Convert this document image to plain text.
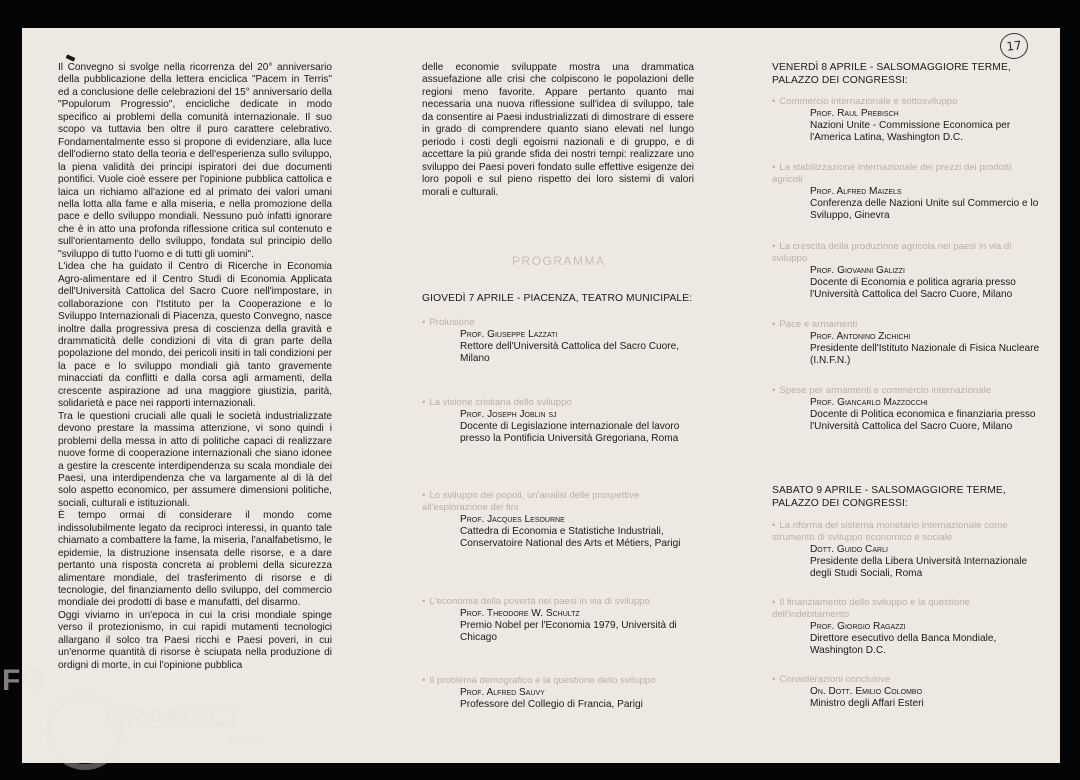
17

Il Convegno si svolge nella ricorrenza del 20° anniversario della pubblicazione della lettera enciclica "Pacem in Terris" ed a conclusione delle celebrazioni del 15° anniversario della "Populorum Progressio", encicliche dedicate in modo specifico ai problemi della comunità internazionale. Il suo scopo va tuttavia ben oltre il puro carattere celebrativo. Fondamentalmente esso si propone di evidenziare, alla luce dell'odierno stato della teoria e dell'esperienza sullo sviluppo, la piena validità dei principi ispiratori dei due documenti pontifici. Vuole cioè essere per l'opinione pubblica cattolica e laica un richiamo all'azione ed al primato dei valori umani nella lotta alla fame e alla miseria, e nella promozione della pace e dello sviluppo mondiali. Nessuno può infatti ignorare che è in atto una profonda riflessione critica sul contenuto e sull'orientamento dello sviluppo, fondata sul principio dello "sviluppo di tutto l'uomo e di tutti gli uomini".

L'idea che ha guidato il Centro di Ricerche in Economia Agro-alimentare ed il Centro Studi di Economia Applicata dell'Università Cattolica del Sacro Cuore nell'impostare, in collaborazione con l'Istituto per la Cooperazione e lo Sviluppo Internazionali di Piacenza, questo Convegno, nasce inoltre dalla progressiva presa di coscienza della gravità e drammaticità delle condizioni di vita di gran parte della popolazione del mondo, dei pericoli insiti in tali condizioni per la pace e lo sviluppo mondiali già tanto gravemente minacciati da conflitti e dalla corsa agli armamenti, della crescente aspirazione ad una maggiore giustizia, parità, solidarietà e pace nei rapporti internazionali.

Tra le questioni cruciali alle quali le società industrializzate devono prestare la massima attenzione, vi sono quindi i problemi della messa in atto di politiche capaci di realizzare nuove forme di cooperazione internazionali che siano idonee a gestire la crescente interdipendenza su scala mondiale dei Paesi, una interdipendenza che va largamente al di là del solo aspetto economico, per assumere dimensioni politiche, sociali, culturali e istituzionali.

È tempo ormai di considerare il mondo come indissolubilmente legato da reciproci interessi, in quanto tale chiamato a combattere la fame, la miseria, l'analfabetismo, le epidemie, la distruzione insensata delle risorse, e a dare pertanto una risposta concreta ai problemi della sicurezza alimentare mondiale, del trasferimento di risorse e di tecnologie, del finanziamento dello sviluppo, del commercio mondiale dei prodotti di base e manufatti, del disarmo.

Oggi viviamo in un'epoca in cui la crisi mondiale spinge verso il protezionismo, in cui rapidi mutamenti tecnologici allargano il solco tra Paesi ricchi e Paesi poveri, in cui un'enorme quantità di risorse è sciupata nella produzione di ordigni di morte, in cui l'opinione pubblica

delle economie sviluppate mostra una drammatica assuefazione alle crisi che colpiscono le popolazioni delle regioni meno favorite. Appare pertanto quanto mai necessaria una nuova riflessione sull'idea di sviluppo, tale da consentire ai Paesi industrializzati di dimostrare di essere in grado di comprendere quanto siano elevati nel lungo periodo i costi degli egoismi nazionali e di gruppo, e di accettare la più grande sfida dei nostri tempi: realizzare uno sviluppo dei Paesi poveri fondato sulle effettive esigenze dei loro popoli e sul pieno rispetto dei loro sistemi di valori morali e culturali.

PROGRAMMA
GIOVEDÌ 7 APRILE - PIACENZA, TEATRO MUNICIPALE:
• Prolusione
Prof. Giuseppe Lazzati
Rettore dell'Università Cattolica del Sacro Cuore, Milano
• La visione cristiana dello sviluppo
Prof. Joseph Joblin sj
Docente di Legislazione internazionale del lavoro presso la Pontificia Università Gregoriana, Roma
• Lo sviluppo dei popoli, un'analisi delle prospettive all'esplorazione dei fini
Prof. Jacques Lesourne
Cattedra di Economia e Statistiche Industriali, Conservatoire National des Arts et Métiers, Parigi
• L'economia della povertà nei paesi in via di sviluppo
Prof. Theodore W. Schultz
Premio Nobel per l'Economia 1979, Università di Chicago
• Il problema demografico e la questione dello sviluppo
Prof. Alfred Sauvy
Professore del Collegio di Francia, Parigi
VENERDÌ 8 APRILE - SALSOMAGGIORE TERME, PALAZZO DEI CONGRESSI:
• Commercio internazionale e sottosviluppo
Prof. Raul Prebisch
Nazioni Unite - Commissione Economica per l'America Latina, Washington D.C.
• La stabilizzazione internazionale dei prezzi dei prodotti agricoli
Prof. Alfred Maizels
Conferenza delle Nazioni Unite sul Commercio e lo Sviluppo, Ginevra
• La crescita della produzione agricola nei paesi in via di sviluppo
Prof. Giovanni Galizzi
Docente di Economia e politica agraria presso l'Università Cattolica del Sacro Cuore, Milano
• Pace e armamenti
Prof. Antonino Zichichi
Presidente dell'Istituto Nazionale di Fisica Nucleare (I.N.F.N.)
• Spese per armamenti e commercio internazionale
Prof. Giancarlo Mazzocchi
Docente di Politica economica e finanziaria presso l'Università Cattolica del Sacro Cuore, Milano
SABATO 9 APRILE - SALSOMAGGIORE TERME, PALAZZO DEI CONGRESSI:
• La riforma del sistema monetario internazionale come strumento di sviluppo economico e sociale
Dott. Guido Carli
Presidente della Libera Università Internazionale degli Studi Sociali, Roma
• Il finanziamento dello sviluppo e la questione dell'indebitamento
Prof. Giorgio Ragazzi
Direttore esecutivo della Banca Mondiale, Washington D.C.
• Considerazioni conclusive
On. Dott. Emilio Colombo
Ministro degli Affari Esteri
FO
GRAMSCI
onlus
